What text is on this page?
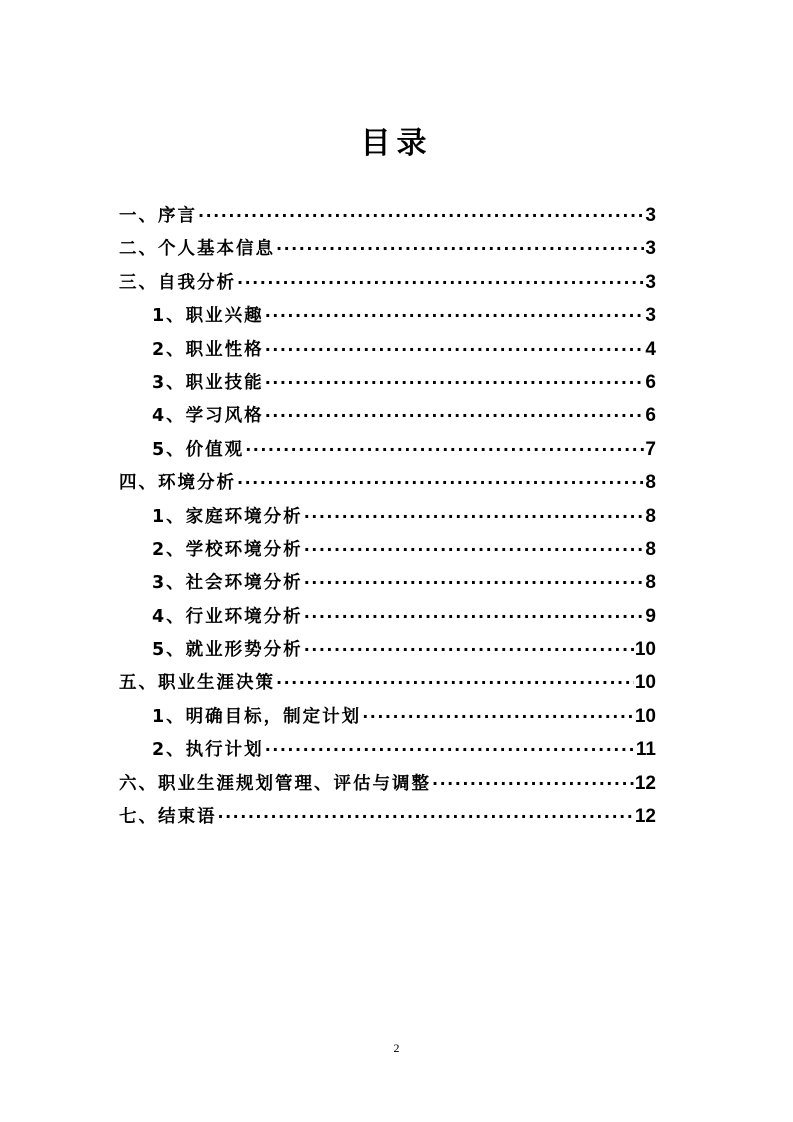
目录
一、序言 ·····	3
二、个人基本信息 ·····	3
三、自我分析 ·····	3
1、职业兴趣 ·····	3
2、职业性格 ·····	4
3、职业技能 ·····	6
4、学习风格 ·····	6
5、价值观 ·····	7
四、环境分析 ·····	8
1、家庭环境分析 ·····	8
2、学校环境分析 ·····	8
3、社会环境分析 ·····	8
4、行业环境分析 ·····	9
5、就业形势分析 ·····	10
五、职业生涯决策 ·····	10
1、明确目标，制定计划 ·····	10
2、执行计划 ·····	11
六、职业生涯规划管理、评估与调整 ·····	12
七、结束语 ·····	12
2
